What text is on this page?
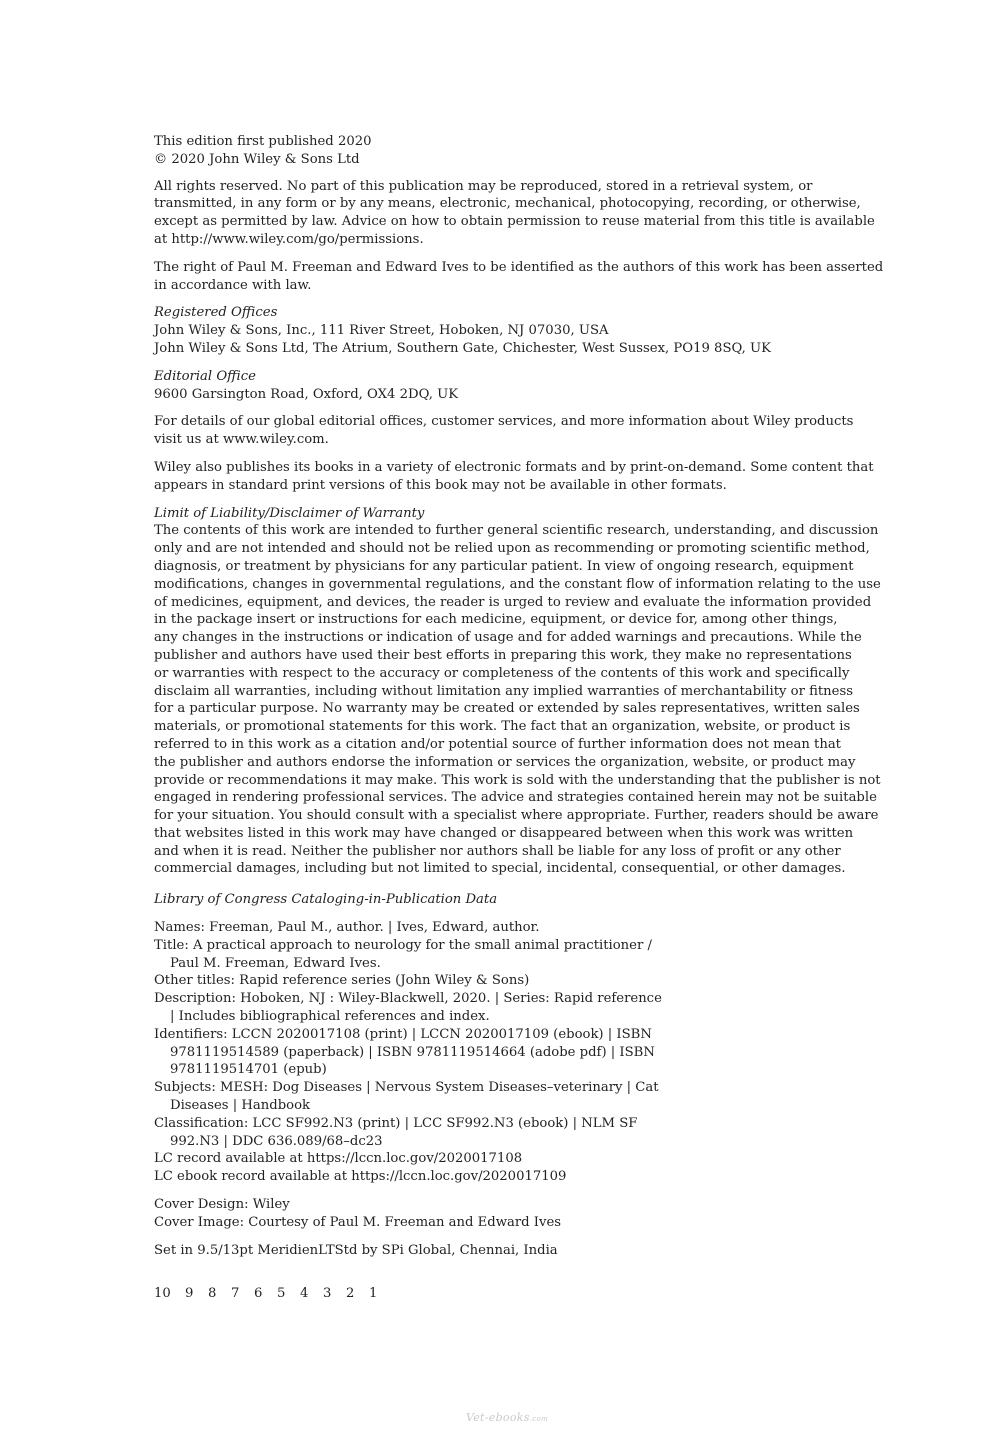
This edition first published 2020
© 2020 John Wiley & Sons Ltd
All rights reserved. No part of this publication may be reproduced, stored in a retrieval system, or
transmitted, in any form or by any means, electronic, mechanical, photocopying, recording, or otherwise,
except as permitted by law. Advice on how to obtain permission to reuse material from this title is available
at http://www.wiley.com/go/permissions.
The right of Paul M. Freeman and Edward Ives to be identified as the authors of this work has been asserted
in accordance with law.
Registered Offices
John Wiley & Sons, Inc., 111 River Street, Hoboken, NJ 07030, USA
John Wiley & Sons Ltd, The Atrium, Southern Gate, Chichester, West Sussex, PO19 8SQ, UK
Editorial Office
9600 Garsington Road, Oxford, OX4 2DQ, UK
For details of our global editorial offices, customer services, and more information about Wiley products
visit us at www.wiley.com.
Wiley also publishes its books in a variety of electronic formats and by print-on-demand. Some content that
appears in standard print versions of this book may not be available in other formats.
Limit of Liability/Disclaimer of Warranty
The contents of this work are intended to further general scientific research, understanding, and discussion
only and are not intended and should not be relied upon as recommending or promoting scientific method,
diagnosis, or treatment by physicians for any particular patient. In view of ongoing research, equipment
modifications, changes in governmental regulations, and the constant flow of information relating to the use
of medicines, equipment, and devices, the reader is urged to review and evaluate the information provided
in the package insert or instructions for each medicine, equipment, or device for, among other things,
any changes in the instructions or indication of usage and for added warnings and precautions. While the
publisher and authors have used their best efforts in preparing this work, they make no representations
or warranties with respect to the accuracy or completeness of the contents of this work and specifically
disclaim all warranties, including without limitation any implied warranties of merchantability or fitness
for a particular purpose. No warranty may be created or extended by sales representatives, written sales
materials, or promotional statements for this work. The fact that an organization, website, or product is
referred to in this work as a citation and/or potential source of further information does not mean that
the publisher and authors endorse the information or services the organization, website, or product may
provide or recommendations it may make. This work is sold with the understanding that the publisher is not
engaged in rendering professional services. The advice and strategies contained herein may not be suitable
for your situation. You should consult with a specialist where appropriate. Further, readers should be aware
that websites listed in this work may have changed or disappeared between when this work was written
and when it is read. Neither the publisher nor authors shall be liable for any loss of profit or any other
commercial damages, including but not limited to special, incidental, consequential, or other damages.
Library of Congress Cataloging-in-Publication Data
Names: Freeman, Paul M., author. | Ives, Edward, author.
Title: A practical approach to neurology for the small animal practitioner /
Paul M. Freeman, Edward Ives.
Other titles: Rapid reference series (John Wiley & Sons)
Description: Hoboken, NJ : Wiley-Blackwell, 2020. | Series: Rapid reference
| Includes bibliographical references and index.
Identifiers: LCCN 2020017108 (print) | LCCN 2020017109 (ebook) | ISBN
9781119514589 (paperback) | ISBN 9781119514664 (adobe pdf) | ISBN
9781119514701 (epub)
Subjects: MESH: Dog Diseases | Nervous System Diseases–veterinary | Cat
Diseases | Handbook
Classification: LCC SF992.N3 (print) | LCC SF992.N3 (ebook) | NLM SF
992.N3 | DDC 636.089/68–dc23
LC record available at https://lccn.loc.gov/2020017108
LC ebook record available at https://lccn.loc.gov/2020017109
Cover Design: Wiley
Cover Image: Courtesy of Paul M. Freeman and Edward Ives
Set in 9.5/13pt MeridienLTStd by SPi Global, Chennai, India
10	9	8	7	6	5	4	3	2	1
Vet-ebooks.com
